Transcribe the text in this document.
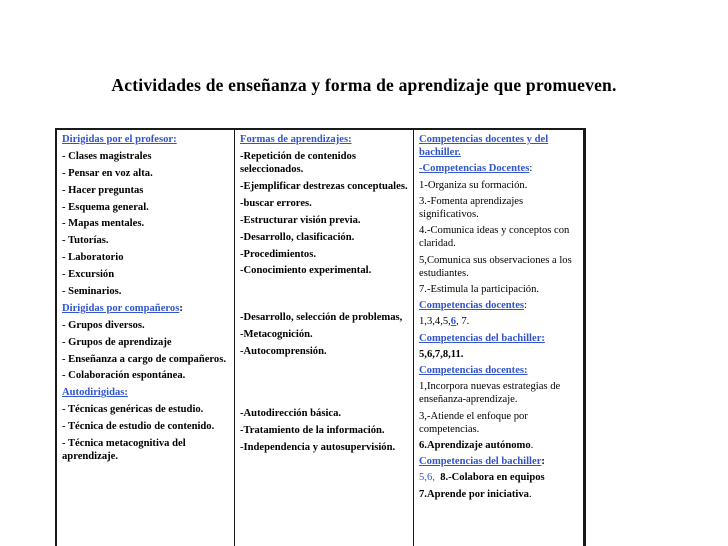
Actividades de enseñanza y forma de aprendizaje que promueven.
Dirigidas por el profesor:
- Clases magistrales
- Pensar en voz alta.
- Hacer preguntas
- Esquema general.
- Mapas mentales.
- Tutorías.
- Laboratorio
- Excursión
- Seminarios.
Dirigidas por compañeros:
- Grupos diversos.
- Grupos de aprendizaje
- Enseñanza a cargo de compañeros.
- Colaboración espontánea.
Autodirigidas:
- Técnicas genéricas de estudio.
- Técnica de estudio de contenido.
- Técnica metacognitiva del aprendizaje.
Formas de aprendizajes:
-Repetición de contenidos seleccionados.
-Ejemplificar destrezas conceptuales.
-buscar errores.
-Estructurar visión previa.
-Desarrollo, clasificación.
-Procedimientos.
-Conocimiento experimental.
-Desarrollo, selección de problemas,
-Metacognición.
-Autocomprensión.
-Autodirección básica.
-Tratamiento de la información.
-Independencia y autosupervisión.
Competencias docentes y del bachiller.
-Competencias Docentes:
1-Organiza su formación.
3.-Fomenta aprendizajes significativos.
4.-Comunica ideas y conceptos con claridad.
5,Comunica sus observaciones a los estudiantes.
7.-Estimula la participación.
Competencias docentes:
1,3,4,5,6, 7.
Competencias del bachiller:
5,6,7,8,11.
Competencias docentes:
1,Incorpora nuevas estrategias de enseñanza-aprendizaje.
3,-Atiende el enfoque por competencias.
6.Aprendizaje autónomo.
Competencias del bachiller:
5,6, 8.-Colabora en equipos
7.Aprende por iniciativa.
